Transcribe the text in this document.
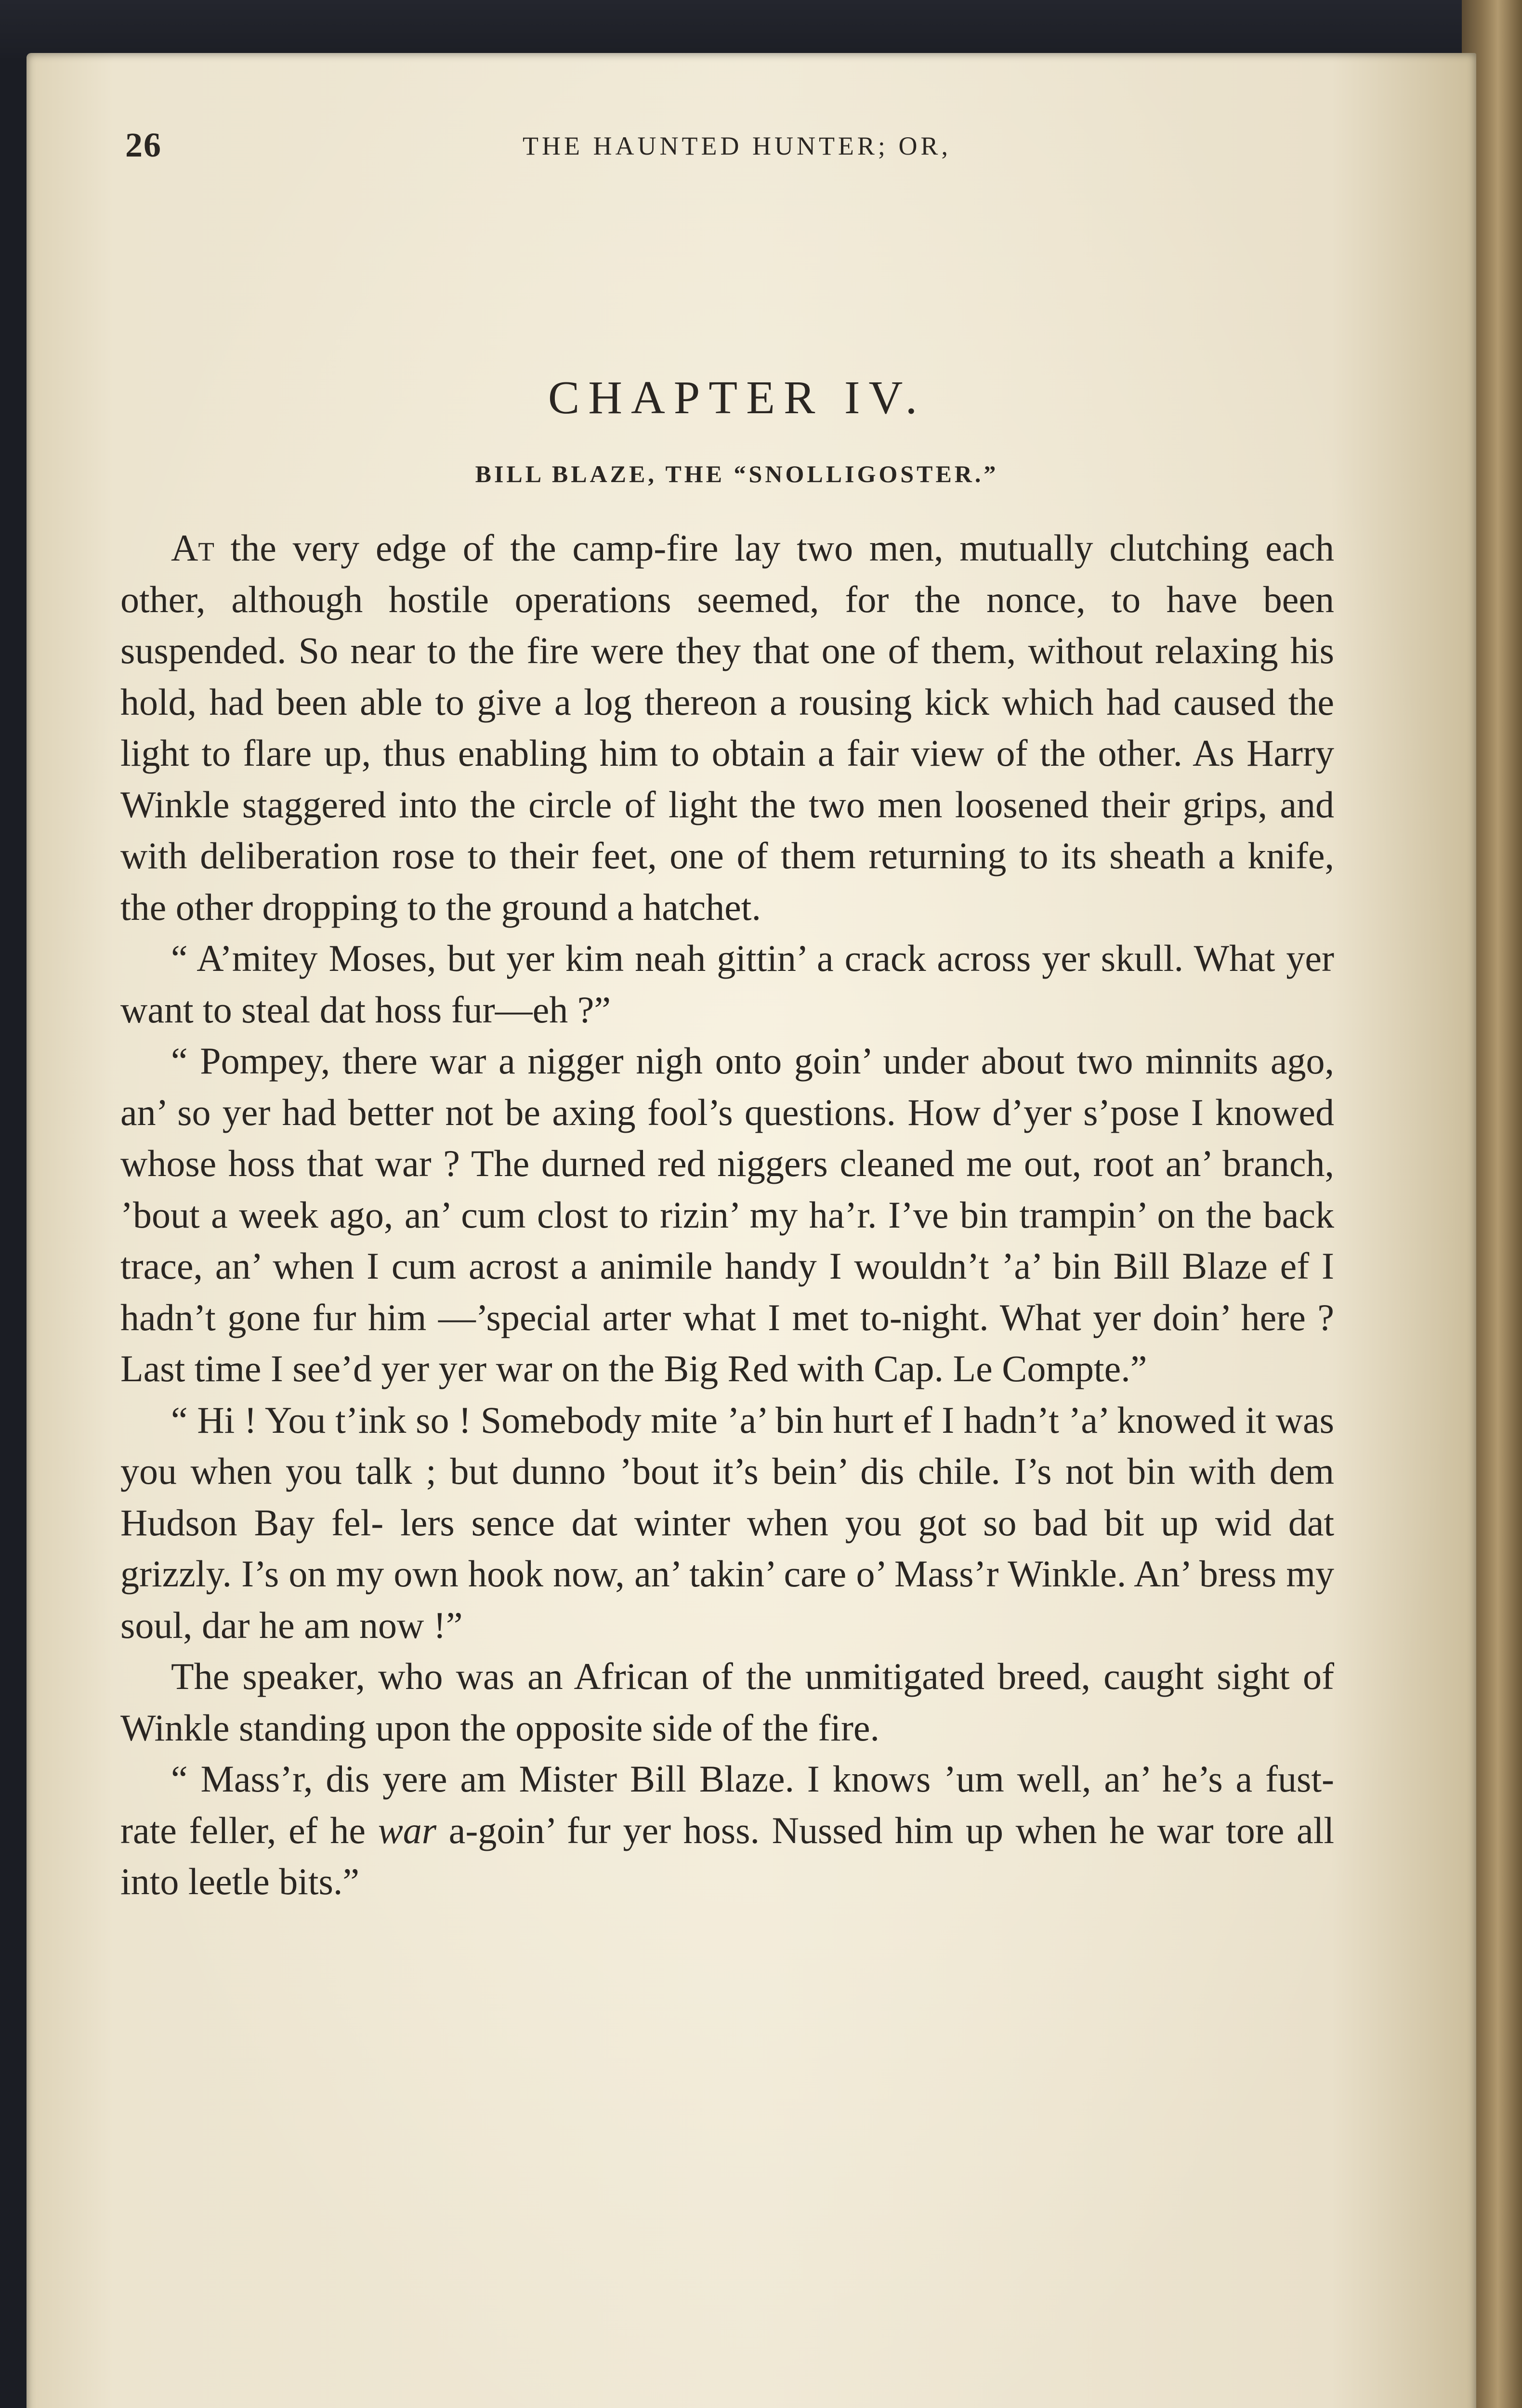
26	THE HAUNTED HUNTER; OR,
CHAPTER IV.
BILL BLAZE, THE “SNOLLIGOSTER.”

At the very edge of the camp-fire lay two men, mutually clutching each other, although hostile operations seemed, for the nonce, to have been suspended. So near to the fire were they that one of them, without relaxing his hold, had been able to give a log thereon a rousing kick which had caused the light to flare up, thus enabling him to obtain a fair view of the other. As Harry Winkle staggered into the circle of light the two men loosened their grips, and with deliberation rose to their feet, one of them returning to its sheath a knife, the other dropping to the ground a hatchet.

“ A’mitey Moses, but yer kim neah gittin’ a crack across yer skull. What yer want to steal dat hoss fur—eh ?”

“ Pompey, there war a nigger nigh onto goin’ under about two minnits ago, an’ so yer had better not be axing fool’s questions. How d’yer s’pose I knowed whose hoss that war ? The durned red niggers cleaned me out, root an’ branch, ’bout a week ago, an’ cum clost to rizin’ my ha’r. I’ve bin trampin’ on the back trace, an’ when I cum acrost a animile handy I wouldn’t ’a’ bin Bill Blaze ef I hadn’t gone fur him —’special arter what I met to-night. What yer doin’ here ? Last time I see’d yer yer war on the Big Red with Cap. Le Compte.”

“ Hi ! You t’ink so ! Somebody mite ’a’ bin hurt ef I hadn’t ’a’ knowed it was you when you talk ; but dunno ’bout it’s bein’ dis chile. I’s not bin with dem Hudson Bay fel- lers sence dat winter when you got so bad bit up wid dat grizzly. I’s on my own hook now, an’ takin’ care o’ Mass’r Winkle. An’ bress my soul, dar he am now !”

The speaker, who was an African of the unmitigated breed, caught sight of Winkle standing upon the opposite side of the fire.

“ Mass’r, dis yere am Mister Bill Blaze. I knows ’um well, an’ he’s a fust-rate feller, ef he war a-goin’ fur yer hoss. Nussed him up when he war tore all into leetle bits.”
